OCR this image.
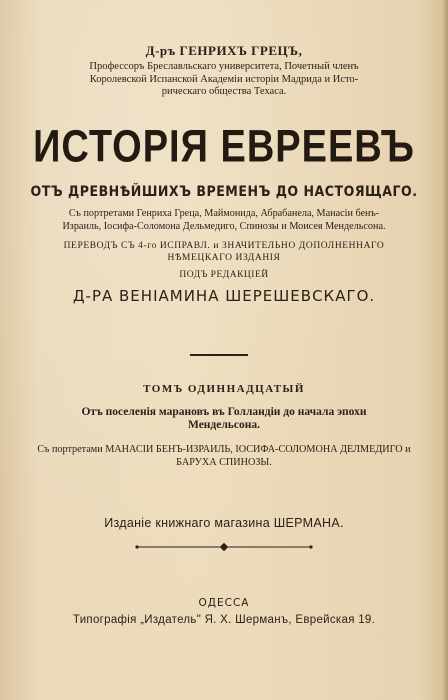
Д-ръ ГЕНРИХЪ ГРЕЦЪ,
Профессоръ Бреславльскаго университета, Почетный членъ
Королевской Испанской Академіи исторіи Мадрида и Исто-
рическаго общества Техаса.
ИСТОРІЯ ЕВРЕЕВЪ
ОТЪ ДРЕВНѢЙШИХЪ ВРЕМЕНЪ ДО НАСТОЯЩАГО.
Съ портретами Генриха Греца, Маймонида, Абрабанела, Манасіи бенъ-
Израиль, Іосифа-Соломона Дельмедиго, Спинозы и Моисея Мендельсона.
ПЕРЕВОДЪ СЪ 4-го ИСПРАВЛ. и ЗНАЧИТЕЛЬНО ДОПОЛНЕННАГО
НѢМЕЦКАГО ИЗДАНІЯ
ПОДЪ РЕДАКЦІЕЙ
Д-РА ВЕНІАМИНА ШЕРЕШЕВСКАГО.
ТОМЪ ОДИННАДЦАТЫЙ
Отъ поселенія марановъ въ Голландіи до начала эпохи
Мендельсона.
Съ портретами МАНАСІИ БЕНЪ-ИЗРАИЛЬ, ІОСИФА-СОЛОМОНА ДЕЛМЕДИГО и
БАРУХА СПИНОЗЫ.
Изданіе книжнаго магазина ШЕРМАНА.
ОДЕССА
Типографія „Издатель" Я. Х. Шерманъ, Еврейская 19.
